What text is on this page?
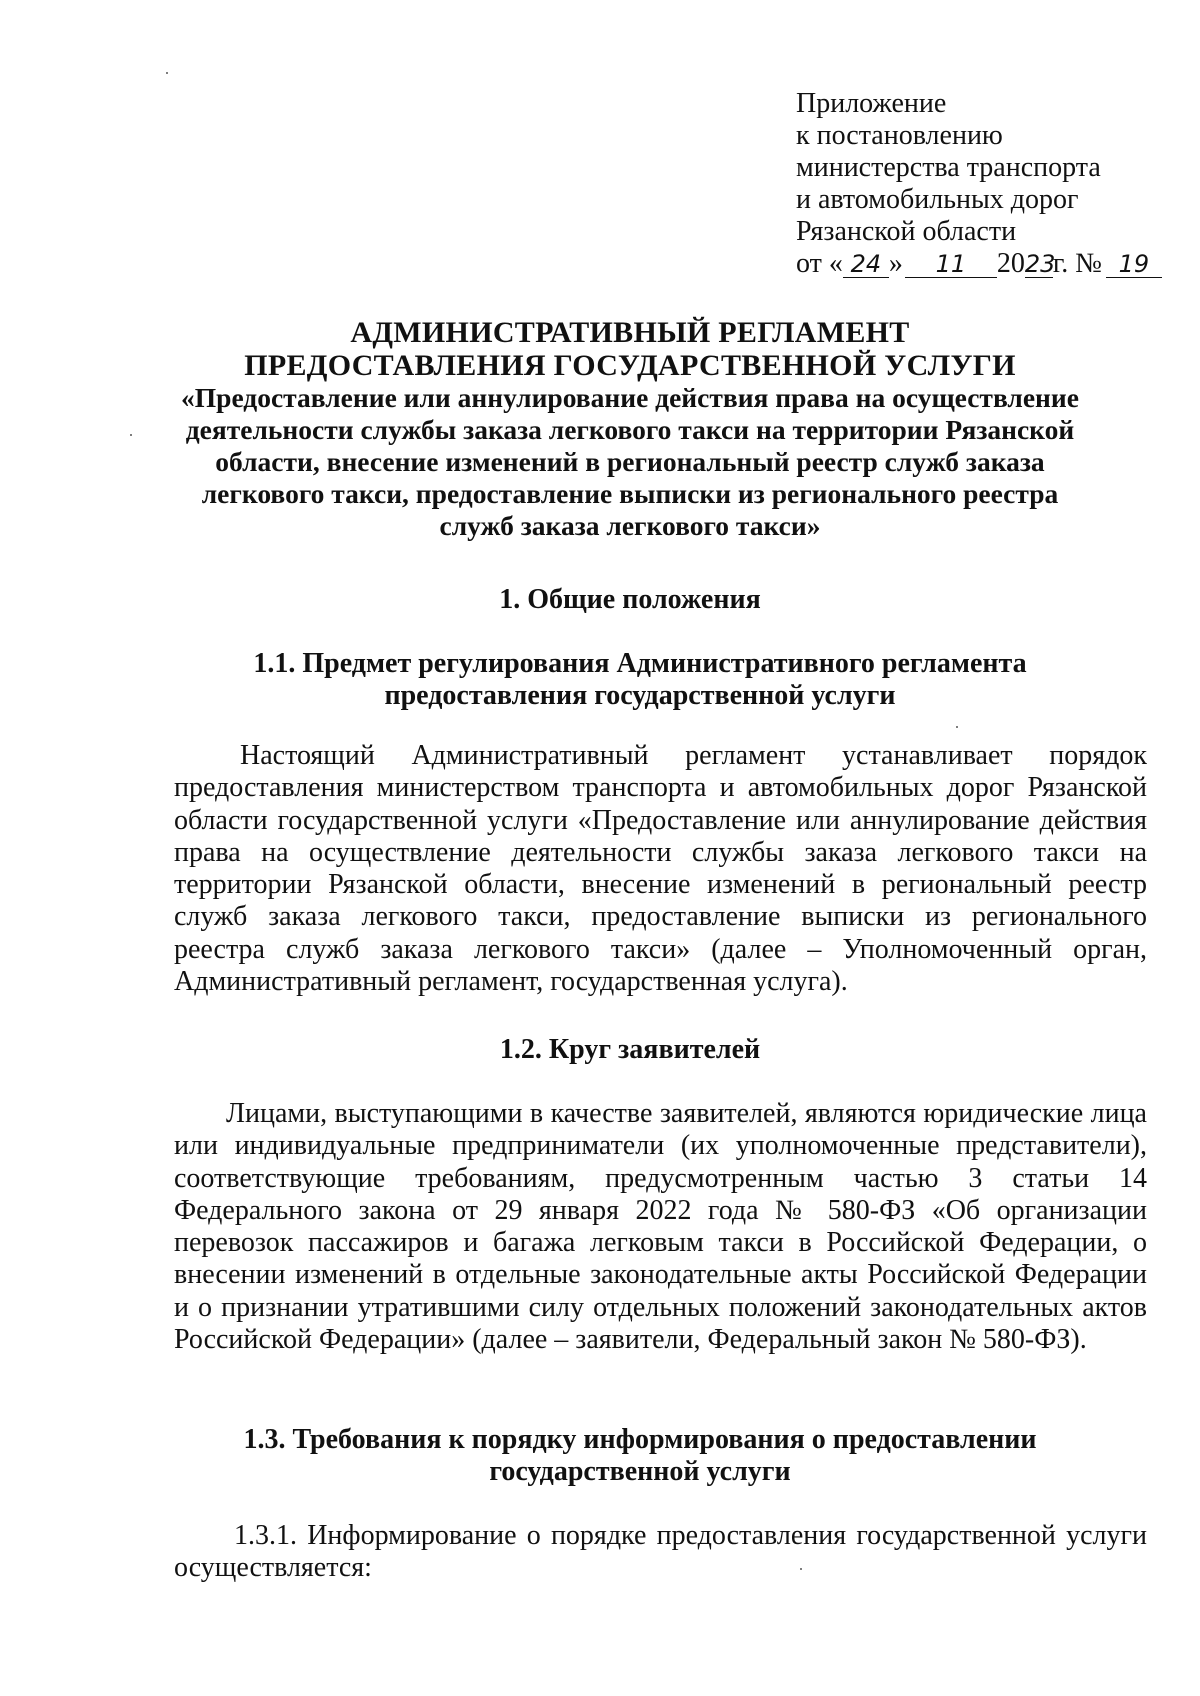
Приложение
к постановлению
министерства транспорта
и автомобильных дорог
Рязанской области
от « 24 » 11 2023г. № 19
АДМИНИСТРАТИВНЫЙ РЕГЛАМЕНТ
ПРЕДОСТАВЛЕНИЯ ГОСУДАРСТВЕННОЙ УСЛУГИ
«Предоставление или аннулирование действия права на осуществление деятельности службы заказа легкового такси на территории Рязанской области, внесение изменений в региональный реестр служб заказа легкового такси, предоставление выписки из регионального реестра служб заказа легкового такси»
1. Общие положения
1.1. Предмет регулирования Административного регламента предоставления государственной услуги
Настоящий Административный регламент устанавливает порядок предоставления министерством транспорта и автомобильных дорог Рязанской области государственной услуги «Предоставление или аннулирование действия права на осуществление деятельности службы заказа легкового такси на территории Рязанской области, внесение изменений в региональный реестр служб заказа легкового такси, предоставление выписки из регионального реестра служб заказа легкового такси» (далее – Уполномоченный орган, Административный регламент, государственная услуга).
1.2. Круг заявителей
Лицами, выступающими в качестве заявителей, являются юридические лица или индивидуальные предприниматели (их уполномоченные представители), соответствующие требованиям, предусмотренным частью 3 статьи 14 Федерального закона от 29 января 2022 года № 580-ФЗ «Об организации перевозок пассажиров и багажа легковым такси в Российской Федерации, о внесении изменений в отдельные законодательные акты Российской Федерации и о признании утратившими силу отдельных положений законодательных актов Российской Федерации» (далее – заявители, Федеральный закон № 580-ФЗ).
1.3. Требования к порядку информирования о предоставлении государственной услуги
1.3.1. Информирование о порядке предоставления государственной услуги осуществляется:
